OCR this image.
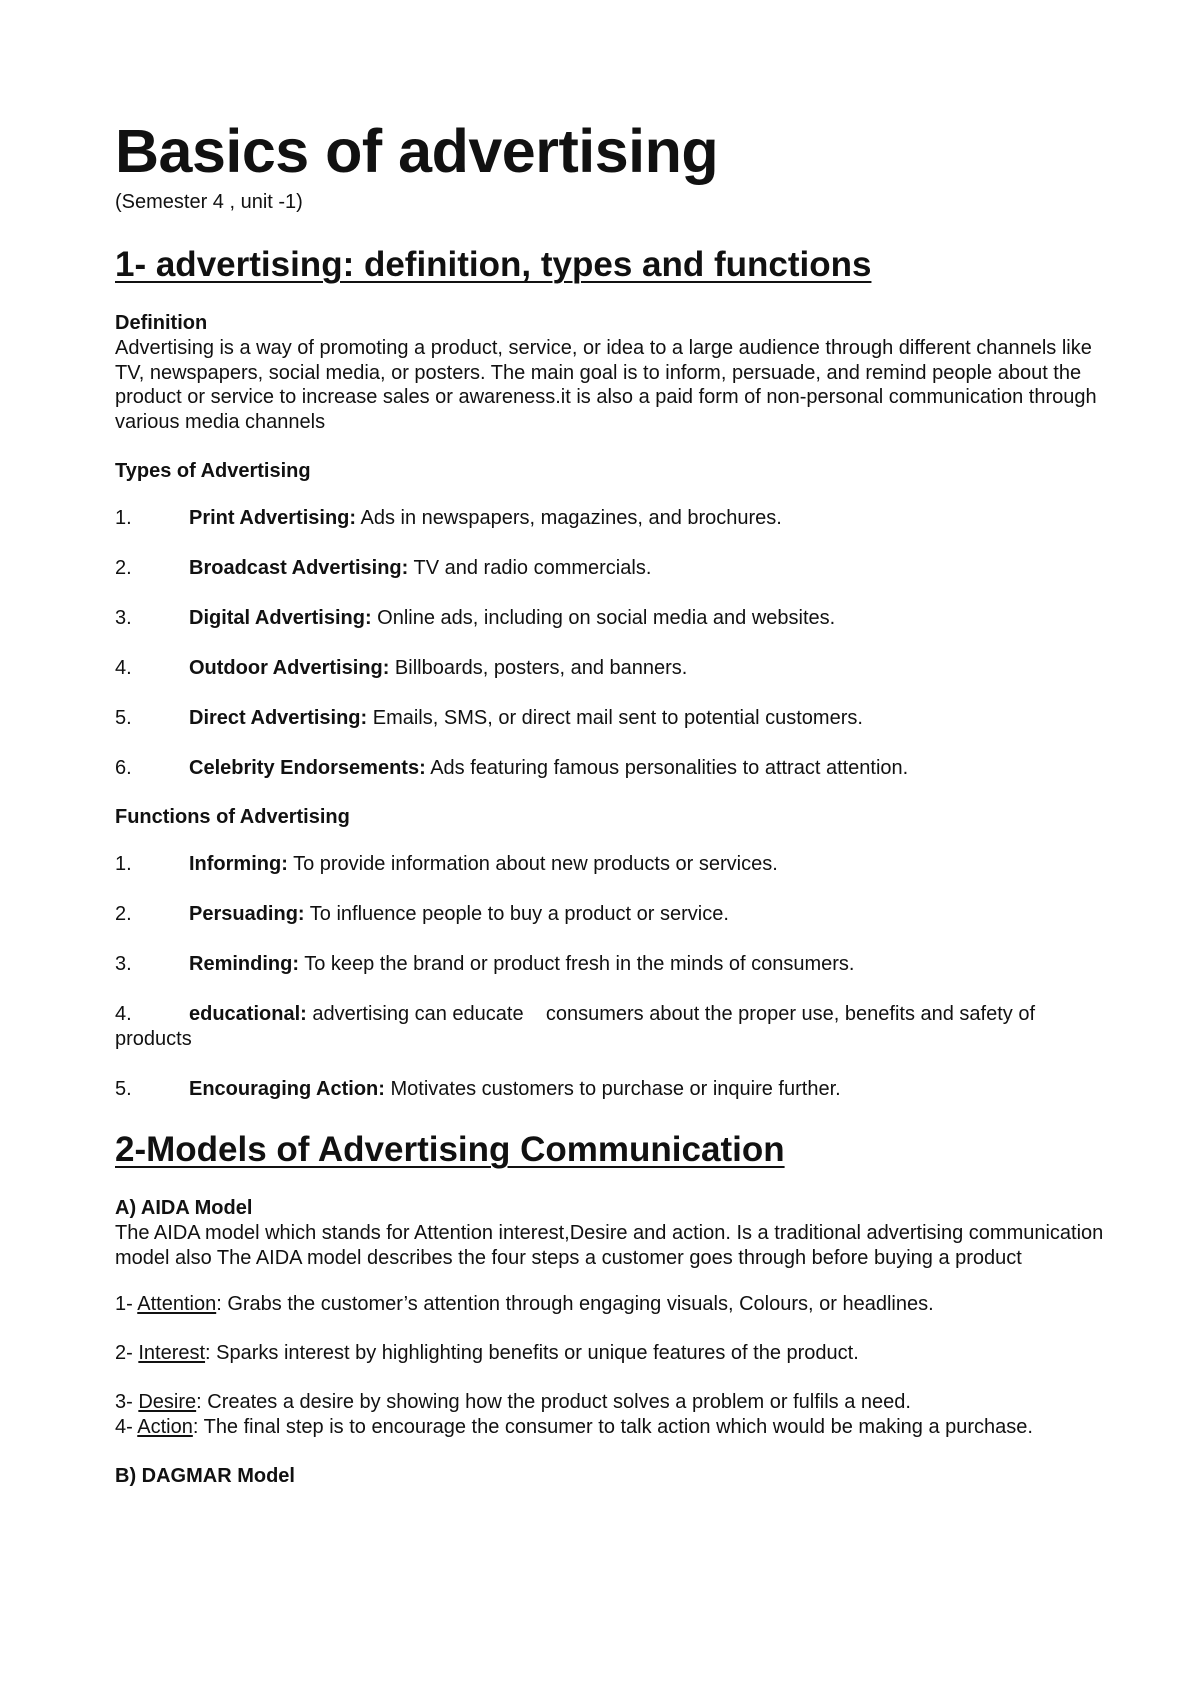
Basics of advertising

(Semester 4 , unit -1)

1- advertising: definition, types and functions

Definition

Advertising is a way of promoting a product, service, or idea to a large audience through different channels like TV, newspapers, social media, or posters. The main goal is to inform, persuade, and remind people about the product or service to increase sales or awareness.it is also a paid form of non-personal communication through various media channels

Types of Advertising

1.	Print Advertising: Ads in newspapers, magazines, and brochures.

2.	Broadcast Advertising: TV and radio commercials.

3.	Digital Advertising: Online ads, including on social media and websites.

4.	Outdoor Advertising: Billboards, posters, and banners.

5.	Direct Advertising: Emails, SMS, or direct mail sent to potential customers.

6.	Celebrity Endorsements: Ads featuring famous personalities to attract attention.

Functions of Advertising

1.	Informing: To provide information about new products or services.

2.	Persuading: To influence people to buy a product or service.

3.	Reminding: To keep the brand or product fresh in the minds of consumers.

4.	educational: advertising can educate    consumers about the proper use, benefits and safety of products

5.	Encouraging Action: Motivates customers to purchase or inquire further.

2-Models of Advertising Communication

A) AIDA Model

The AIDA model which stands for Attention interest,Desire and action. Is a traditional advertising communication model also The AIDA model describes the four steps a customer goes through before buying a product

1- Attention: Grabs the customer’s attention through engaging visuals, Colours, or headlines.

2- Interest: Sparks interest by highlighting benefits or unique features of the product.

3- Desire: Creates a desire by showing how the product solves a problem or fulfils a need.

4- Action: The final step is to encourage the consumer to talk action which would be making a purchase.

B) DAGMAR Model
